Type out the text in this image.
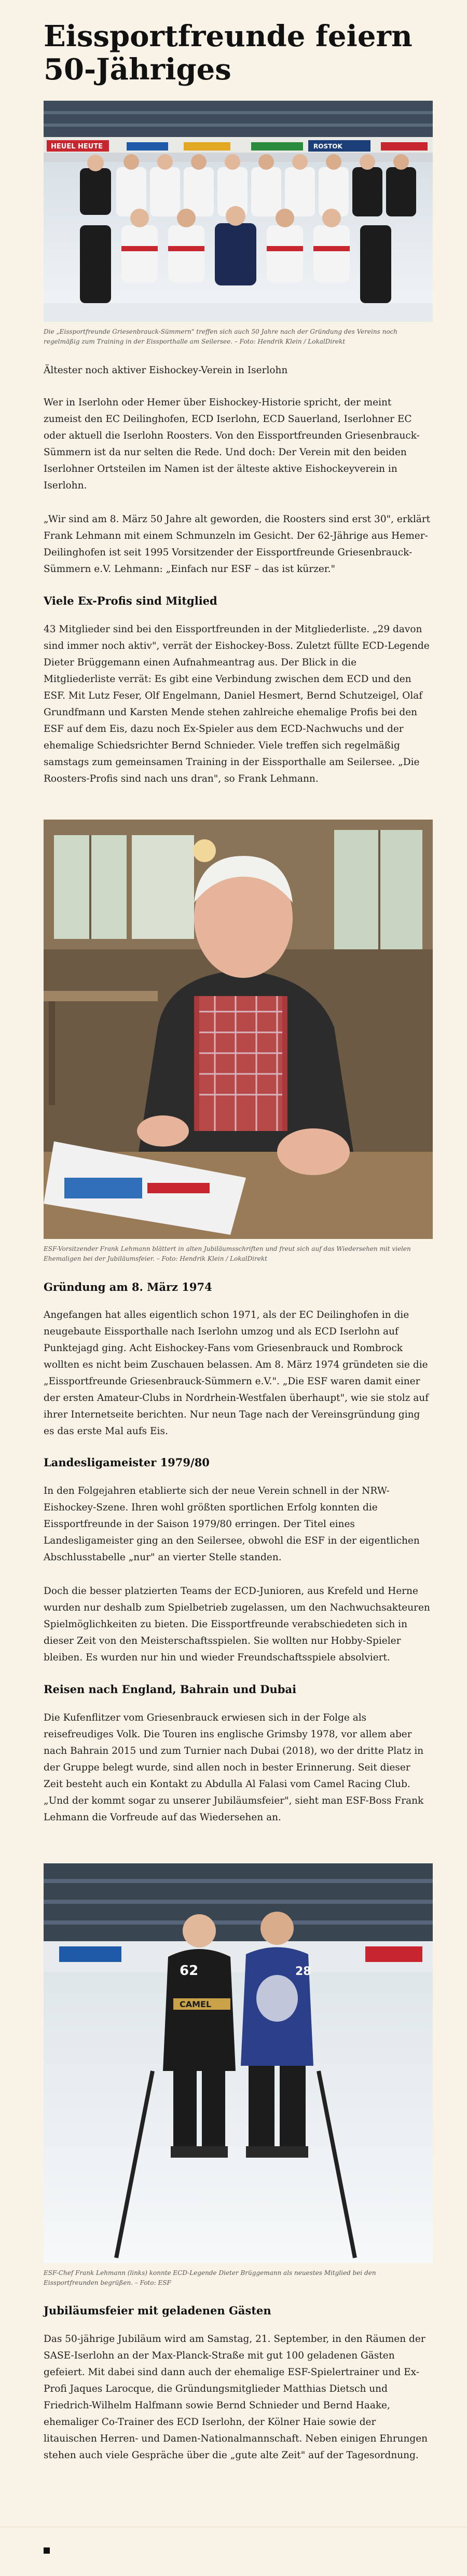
Eissportfreunde feiern 50-Jähriges
HEUEL HEUTE	ROSTOK

Die „Eissportfreunde Griesenbrauck-Sümmern" treffen sich auch 50 Jahre nach der Gründung des Vereins noch regelmäßig zum Training in der Eissporthalle am Seilersee. – Foto: Hendrik Klein / LokalDirekt

Ältester noch aktiver Eishockey-Verein in Iserlohn

Wer in Iserlohn oder Hemer über Eishockey-Historie spricht, der meint zumeist den EC Deilinghofen, ECD Iserlohn, ECD Sauerland, Iserlohner EC oder aktuell die Iserlohn Roosters. Von den Eissportfreunden Griesenbrauck-Sümmern ist da nur selten die Rede. Und doch: Der Verein mit den beiden Iserlohner Ortsteilen im Namen ist der älteste aktive Eishockeyverein in Iserlohn.

„Wir sind am 8. März 50 Jahre alt geworden, die Roosters sind erst 30", erklärt Frank Lehmann mit einem Schmunzeln im Gesicht. Der 62-Jährige aus Hemer-Deilinghofen ist seit 1995 Vorsitzender der Eissportfreunde Griesenbrauck-Sümmern e.V. Lehmann: „Einfach nur ESF – das ist kürzer."

Viele Ex-Profis sind Mitglied

43 Mitglieder sind bei den Eissportfreunden in der Mitgliederliste. „29 davon sind immer noch aktiv", verrät der Eishockey-Boss. Zuletzt füllte ECD-Legende Dieter Brüggemann einen Aufnahmeantrag aus. Der Blick in die Mitgliederliste verrät: Es gibt eine Verbindung zwischen dem ECD und den ESF. Mit Lutz Feser, Olf Engelmann, Daniel Hesmert, Bernd Schutzeigel, Olaf Grundfmann und Karsten Mende stehen zahlreiche ehemalige Profis bei den ESF auf dem Eis, dazu noch Ex-Spieler aus dem ECD-Nachwuchs und der ehemalige Schiedsrichter Bernd Schnieder. Viele treffen sich regelmäßig samstags zum gemeinsamen Training in der Eissporthalle am Seilersee. „Die Roosters-Profis sind nach uns dran", so Frank Lehmann.

ESF-Vorsitzender Frank Lehmann blättert in alten Jubiläumsschriften und freut sich auf das Wiedersehen mit vielen Ehemaligen bei der Jubiläumsfeier. – Foto: Hendrik Klein / LokalDirekt

Gründung am 8. März 1974

Angefangen hat alles eigentlich schon 1971, als der EC Deilinghofen in die neugebaute Eissporthalle nach Iserlohn umzog und als ECD Iserlohn auf Punktejagd ging. Acht Eishockey-Fans vom Griesenbrauck und Rombrock wollten es nicht beim Zuschauen belassen. Am 8. März 1974 gründeten sie die „Eissportfreunde Griesenbrauck-Sümmern e.V.". „Die ESF waren damit einer der ersten Amateur-Clubs in Nordrhein-Westfalen überhaupt", wie sie stolz auf ihrer Internetseite berichten. Nur neun Tage nach der Vereinsgründung ging es das erste Mal aufs Eis.

Landesligameister 1979/80

In den Folgejahren etablierte sich der neue Verein schnell in der NRW-Eishockey-Szene. Ihren wohl größten sportlichen Erfolg konnten die Eissportfreunde in der Saison 1979/80 erringen. Der Titel eines Landesligameister ging an den Seilersee, obwohl die ESF in der eigentlichen Abschlusstabelle „nur" an vierter Stelle standen.

Doch die besser platzierten Teams der ECD-Junioren, aus Krefeld und Herne wurden nur deshalb zum Spielbetrieb zugelassen, um den Nachwuchsakteuren Spielmöglichkeiten zu bieten. Die Eissportfreunde verabschiedeten sich in dieser Zeit von den Meisterschaftsspielen. Sie wollten nur Hobby-Spieler bleiben. Es wurden nur hin und wieder Freundschaftsspiele absolviert.

Reisen nach England, Bahrain und Dubai

Die Kufenflitzer vom Griesenbrauck erwiesen sich in der Folge als reisefreudiges Volk. Die Touren ins englische Grimsby 1978, vor allem aber nach Bahrain 2015 und zum Turnier nach Dubai (2018), wo der dritte Platz in der Gruppe belegt wurde, sind allen noch in bester Erinnerung. Seit dieser Zeit besteht auch ein Kontakt zu Abdulla Al Falasi vom Camel Racing Club. „Und der kommt sogar zu unserer Jubiläumsfeier", sieht man ESF-Boss Frank Lehmann die Vorfreude auf das Wiedersehen an.

62
CAMEL
28

ESF-Chef Frank Lehmann (links) konnte ECD-Legende Dieter Brüggemann als neuestes Mitglied bei den Eissportfreunden begrüßen. – Foto: ESF

Jubiläumsfeier mit geladenen Gästen

Das 50-jährige Jubiläum wird am Samstag, 21. September, in den Räumen der SASE-Iserlohn an der Max-Planck-Straße mit gut 100 geladenen Gästen gefeiert. Mit dabei sind dann auch der ehemalige ESF-Spielertrainer und Ex-Profi Jaques Larocque, die Gründungsmitglieder Matthias Dietsch und Friedrich-Wilhelm Halfmann sowie Bernd Schnieder und Bernd Haake, ehemaliger Co-Trainer des ECD Iserlohn, der Kölner Haie sowie der litauischen Herren- und Damen-Nationalmannschaft. Neben einigen Ehrungen stehen auch viele Gespräche über die „gute alte Zeit" auf der Tagesordnung.
